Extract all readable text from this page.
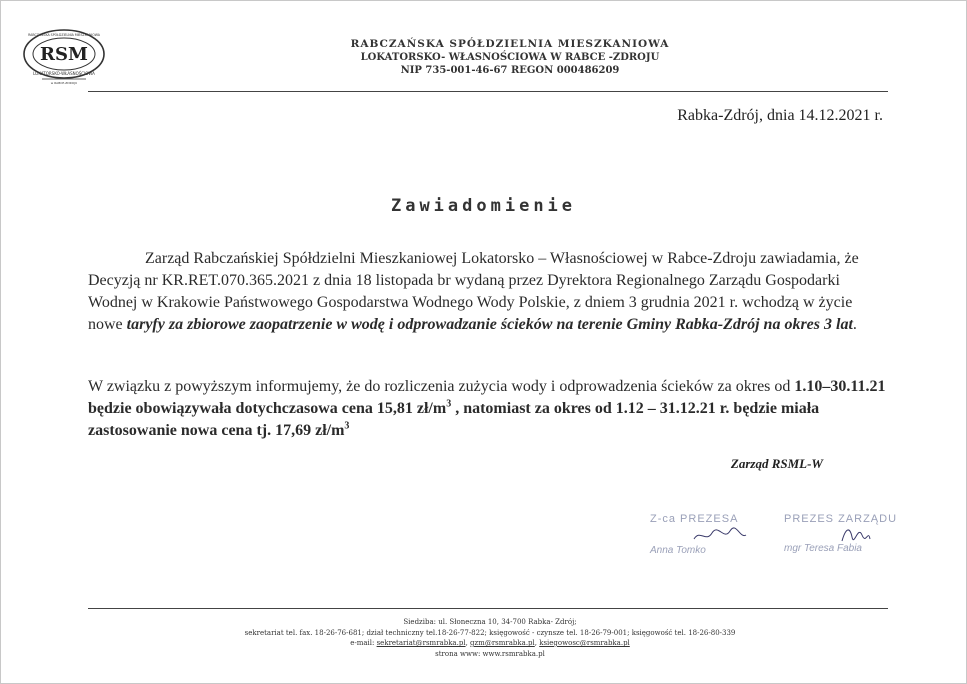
RABCZAŃSKA SPÓŁDZIELNIA MIESZKANIOWA
RSM
LOKATORSKO-WŁASNOŚCIOWA
w RABCE-ZDROJU
RABCZAŃSKA SPÓŁDZIELNIA MIESZKANIOWA
LOKATORSKO- WŁASNOŚCIOWA W RABCE -ZDROJU
NIP 735-001-46-67 REGON 000486209
Rabka-Zdrój, dnia 14.12.2021 r.
Zawiadomienie
Zarząd Rabczańskiej Spółdzielni Mieszkaniowej Lokatorsko – Własnościowej w Rabce-Zdroju zawiadamia, że Decyzją nr KR.RET.070.365.2021 z dnia 18 listopada br wydaną przez Dyrektora Regionalnego Zarządu Gospodarki Wodnej w Krakowie Państwowego Gospodarstwa Wodnego Wody Polskie, z dniem 3 grudnia 2021 r. wchodzą w życie nowe taryfy za zbiorowe zaopatrzenie w wodę i odprowadzanie ścieków na terenie Gminy Rabka-Zdrój na okres 3 lat.
W związku z powyższym informujemy, że do rozliczenia zużycia wody i odprowadzenia ścieków za okres od 1.10–30.11.21 będzie obowiązywała dotychczasowa cena 15,81 $zł/m^3$ , natomiast za okres od 1.12 – 31.12.21 r. będzie miała zastosowanie nowa cena tj. 17,69 $zł/m^3$
Zarząd RSML-W
Z-ca PREZESA
Anna Tomko
PREZES ZARZĄDU
mgr Teresa Fabia
Siedziba: ul. Słoneczna 10, 34-700 Rabka- Zdrój;
sekretariat tel. fax. 18-26-76-681; dział techniczny tel.18-26-77-822; księgowość - czynsze tel. 18-26-79-001; księgowość tel. 18-26-80-339
e-mail: sekretariat@rsmrabka.pl, gzm@rsmrabka.pl, ksiegowosc@rsmrabka.pl
strona www: www.rsmrabka.pl
